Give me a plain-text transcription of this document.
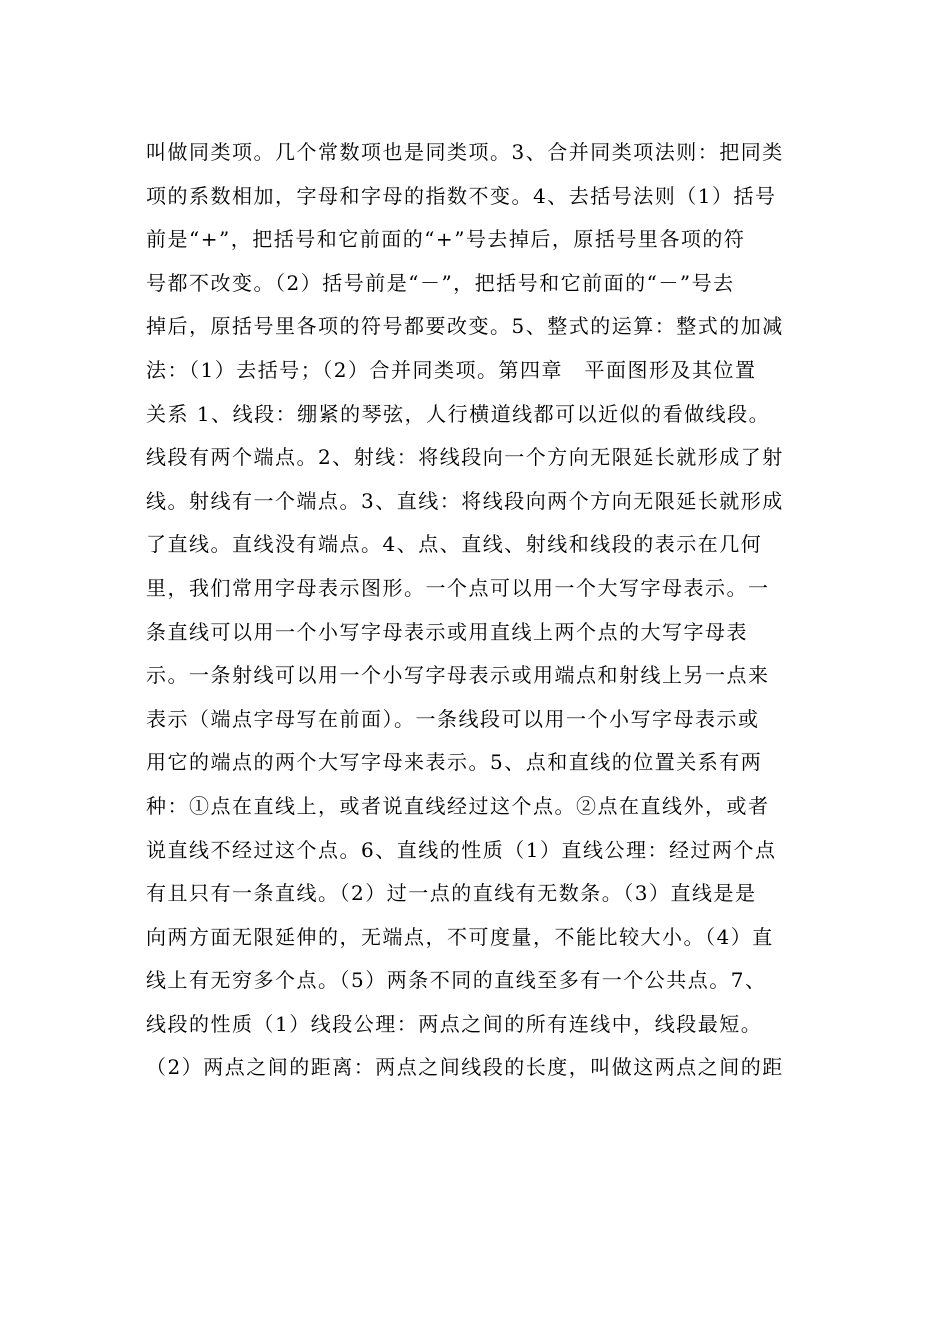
叫做同类项。几个常数项也是同类项。3、合并同类项法则：把同类
项的系数相加，字母和字母的指数不变。4、去括号法则（1）括号
前是“+”，把括号和它前面的“+”号去掉后，原括号里各项的符
号都不改变。（2）括号前是“－”，把括号和它前面的“－”号去
掉后，原括号里各项的符号都要改变。5、整式的运算：整式的加减
法：（1）去括号；（2）合并同类项。第四章　平面图形及其位置
关系 1、线段：绷紧的琴弦，人行横道线都可以近似的看做线段。
线段有两个端点。2、射线：将线段向一个方向无限延长就形成了射
线。射线有一个端点。3、直线：将线段向两个方向无限延长就形成
了直线。直线没有端点。4、点、直线、射线和线段的表示在几何
里，我们常用字母表示图形。一个点可以用一个大写字母表示。一
条直线可以用一个小写字母表示或用直线上两个点的大写字母表
示。一条射线可以用一个小写字母表示或用端点和射线上另一点来
表示（端点字母写在前面）。一条线段可以用一个小写字母表示或
用它的端点的两个大写字母来表示。5、点和直线的位置关系有两
种：①点在直线上，或者说直线经过这个点。②点在直线外，或者
说直线不经过这个点。6、直线的性质（1）直线公理：经过两个点
有且只有一条直线。（2）过一点的直线有无数条。（3）直线是是
向两方面无限延伸的，无端点，不可度量，不能比较大小。（4）直
线上有无穷多个点。（5）两条不同的直线至多有一个公共点。7、
线段的性质（1）线段公理：两点之间的所有连线中，线段最短。
（2）两点之间的距离：两点之间线段的长度，叫做这两点之间的距
